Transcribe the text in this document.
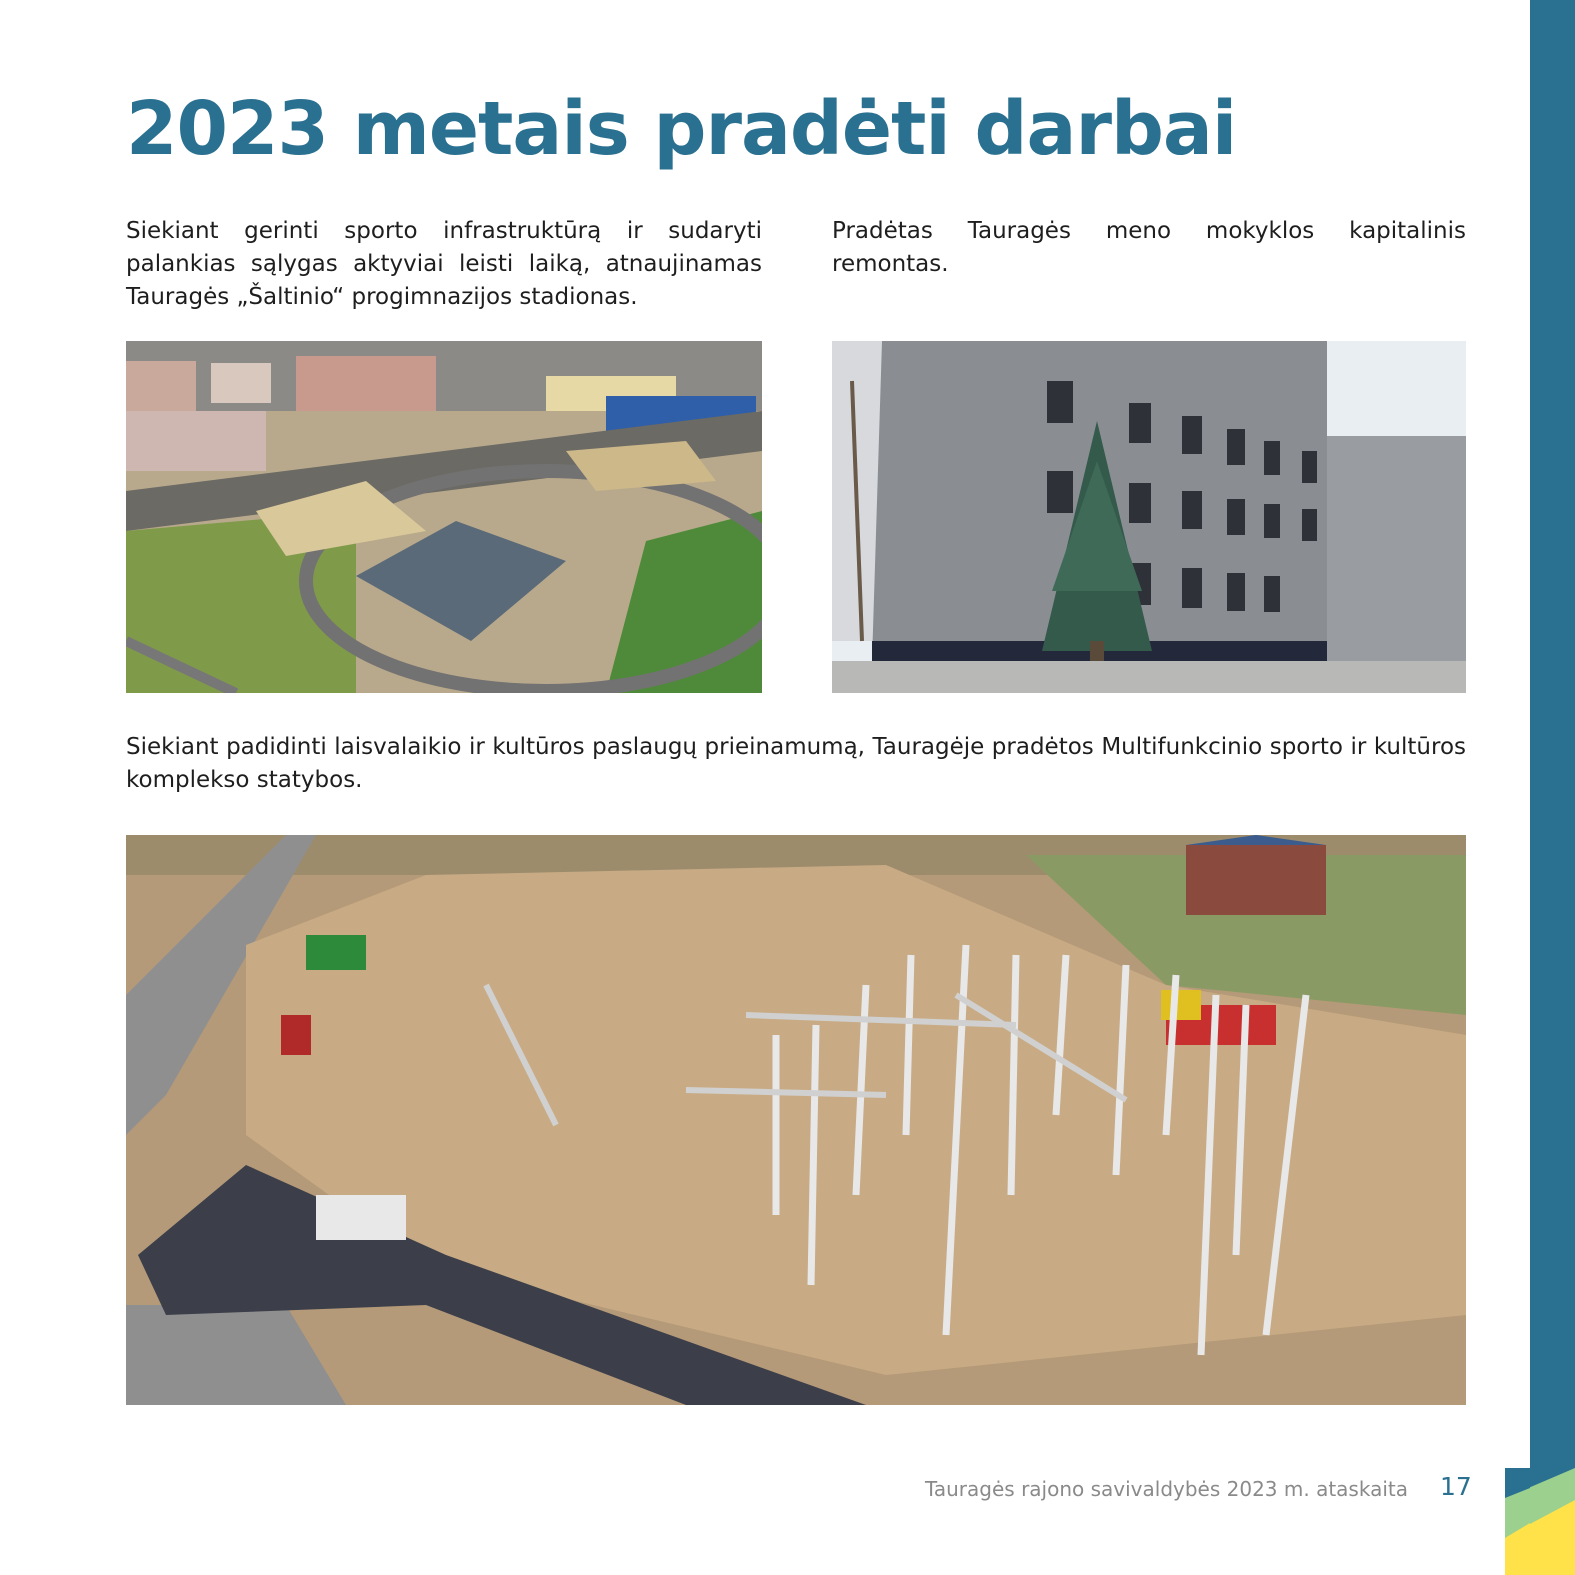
2023 metais pradėti darbai

Siekiant gerinti sporto infrastruktūrą ir sudaryti palankias sąlygas aktyviai leisti laiką, atnaujinamas Tauragės „Šaltinio“ progimnazijos stadionas.

Pradėtas Tauragės meno mokyklos kapitalinis remontas.

Siekiant padidinti laisvalaikio ir kultūros paslaugų prieinamumą, Tauragėje pradėtos Multifunkcinio sporto ir kultūros komplekso statybos.

Tauragės rajono savivaldybės 2023 m. ataskaita 17
